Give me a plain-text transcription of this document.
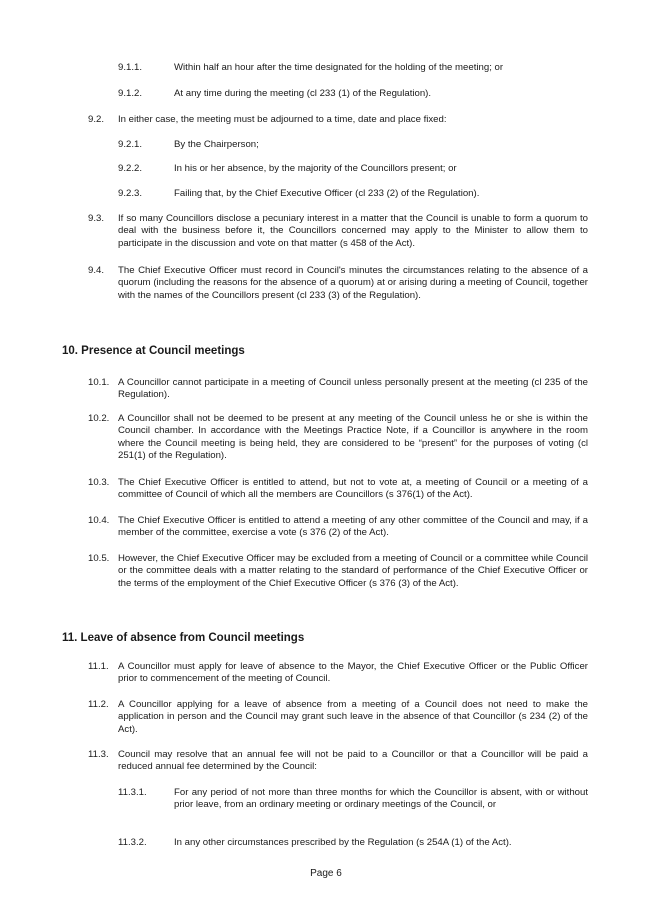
9.1.1.	Within half an hour after the time designated for the holding of the meeting; or
9.1.2.	At any time during the meeting (cl 233 (1) of the Regulation).
9.2. In either case, the meeting must be adjourned to a time, date and place fixed:
9.2.1.	By the Chairperson;
9.2.2.	In his or her absence, by the majority of the Councillors present; or
9.2.3.	Failing that, by the Chief Executive Officer (cl 233 (2) of the Regulation).
9.3. If so many Councillors disclose a pecuniary interest in a matter that the Council is unable to form a quorum to deal with the business before it, the Councillors concerned may apply to the Minister to allow them to participate in the discussion and vote on that matter (s 458 of the Act).
9.4. The Chief Executive Officer must record in Council's minutes the circumstances relating to the absence of a quorum (including the reasons for the absence of a quorum) at or arising during a meeting of Council, together with the names of the Councillors present (cl 233 (3) of the Regulation).
10. Presence at Council meetings
10.1. A Councillor cannot participate in a meeting of Council unless personally present at the meeting (cl 235 of the Regulation).
10.2. A Councillor shall not be deemed to be present at any meeting of the Council unless he or she is within the Council chamber. In accordance with the Meetings Practice Note, if a Councillor is anywhere in the room where the Council meeting is being held, they are considered to be “present” for the purposes of voting (cl 251(1) of the Regulation).
10.3. The Chief Executive Officer is entitled to attend, but not to vote at, a meeting of Council or a meeting of a committee of Council of which all the members are Councillors (s 376(1) of the Act).
10.4. The Chief Executive Officer is entitled to attend a meeting of any other committee of the Council and may, if a member of the committee, exercise a vote (s 376 (2) of the Act).
10.5. However, the Chief Executive Officer may be excluded from a meeting of Council or a committee while Council or the committee deals with a matter relating to the standard of performance of the Chief Executive Officer or the terms of the employment of the Chief Executive Officer (s 376 (3) of the Act).
11. Leave of absence from Council meetings
11.1. A Councillor must apply for leave of absence to the Mayor, the Chief Executive Officer or the Public Officer prior to commencement of the meeting of Council.
11.2. A Councillor applying for a leave of absence from a meeting of a Council does not need to make the application in person and the Council may grant such leave in the absence of that Councillor (s 234 (2) of the Act).
11.3. Council may resolve that an annual fee will not be paid to a Councillor or that a Councillor will be paid a reduced annual fee determined by the Council:
11.3.1.	For any period of not more than three months for which the Councillor is absent, with or without prior leave, from an ordinary meeting or ordinary meetings of the Council, or
11.3.2.	In any other circumstances prescribed by the Regulation (s 254A (1) of the Act).
Page 6
